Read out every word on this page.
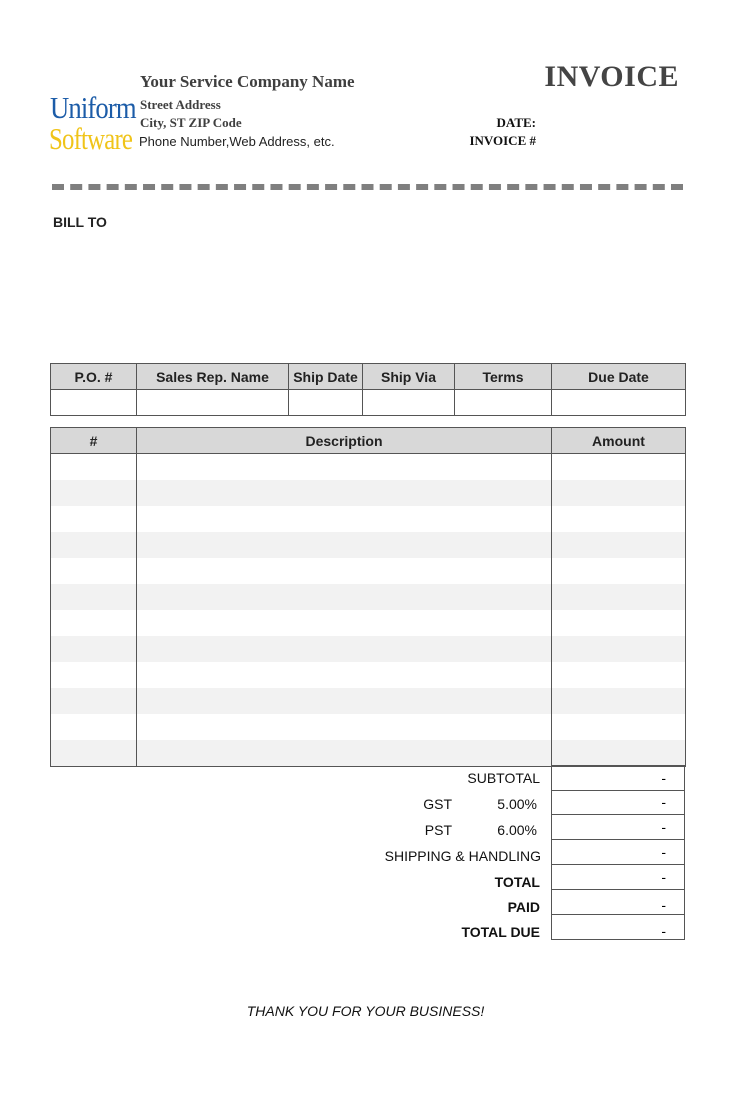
Uniform
Software
Your Service Company Name
Street Address
City, ST ZIP Code
Phone Number,Web Address, etc.
INVOICE
DATE:
INVOICE #
BILL TO
P.O. #	Sales Rep. Name	Ship Date	Ship Via	Terms	Due Date

#	Description	Amount

SUBTOTAL	-
GST	5.00%	-
PST	6.00%	-
SHIPPING & HANDLING	-
TOTAL	-
PAID	-
TOTAL DUE	-
THANK YOU FOR YOUR BUSINESS!
